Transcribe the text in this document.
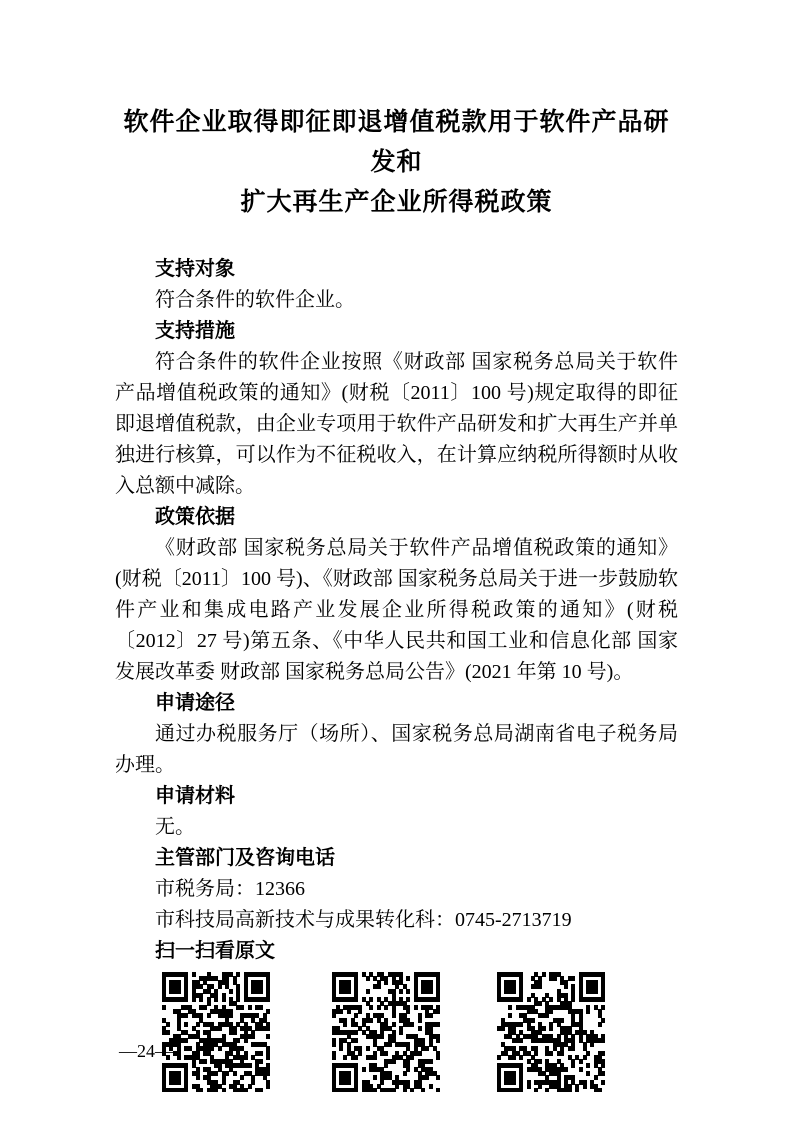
软件企业取得即征即退增值税款用于软件产品研发和
扩大再生产企业所得税政策
支持对象

符合条件的软件企业。

支持措施

符合条件的软件企业按照《财政部 国家税务总局关于软件产品增值税政策的通知》(财税〔2011〕100 号)规定取得的即征即退增值税款，由企业专项用于软件产品研发和扩大再生产并单独进行核算，可以作为不征税收入，在计算应纳税所得额时从收入总额中减除。

政策依据

《财政部 国家税务总局关于软件产品增值税政策的通知》(财税〔2011〕100 号)、《财政部 国家税务总局关于进一步鼓励软件产业和集成电路产业发展企业所得税政策的通知》(财税〔2012〕27 号)第五条、《中华人民共和国工业和信息化部 国家发展改革委 财政部 国家税务总局公告》(2021 年第 10 号)。

申请途径

通过办税服务厅（场所）、国家税务总局湖南省电子税务局办理。

申请材料

无。

主管部门及咨询电话

市税务局：12366

市科技局高新技术与成果转化科：0745-2713719

扫一扫看原文
—24—
